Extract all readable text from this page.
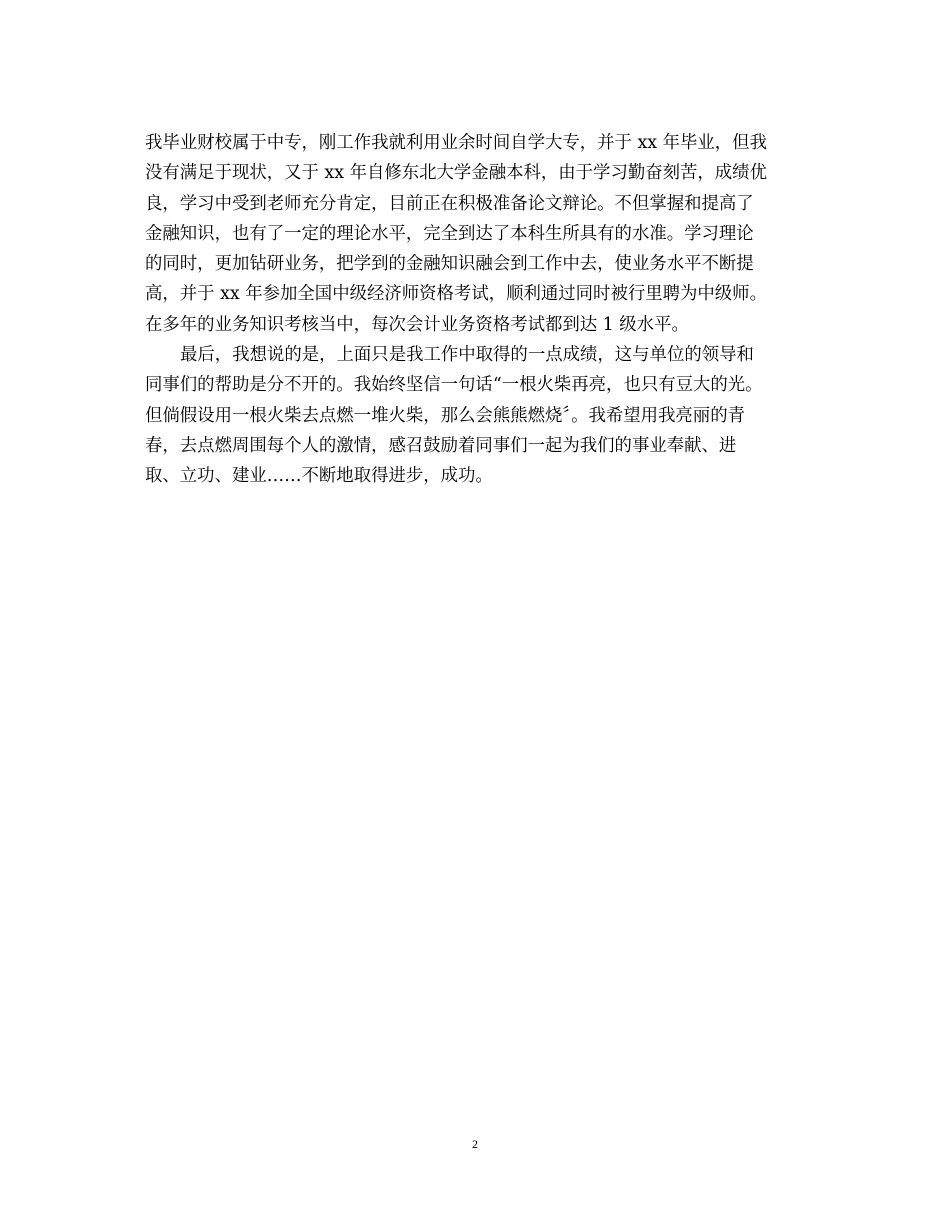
我毕业财校属于中专，刚工作我就利用业余时间自学大专，并于 xx 年毕业，但我
没有满足于现状，又于 xx 年自修东北大学金融本科，由于学习勤奋刻苦，成绩优
良，学习中受到老师充分肯定，目前正在积极准备论文辩论。不但掌握和提高了
金融知识，也有了一定的理论水平，完全到达了本科生所具有的水准。学习理论
的同时，更加钻研业务，把学到的金融知识融会到工作中去，使业务水平不断提
高，并于 xx 年参加全国中级经济师资格考试，顺利通过同时被行里聘为中级师。
在多年的业务知识考核当中，每次会计业务资格考试都到达 1 级水平。
最后，我想说的是，上面只是我工作中取得的一点成绩，这与单位的领导和
同事们的帮助是分不开的。我始终坚信一句话“一根火柴再亮，也只有豆大的光。
但倘假设用一根火柴去点燃一堆火柴，那么会熊熊燃烧〞。我希望用我亮丽的青
春，去点燃周围每个人的激情，感召鼓励着同事们一起为我们的事业奉献、进
取、立功、建业……不断地取得进步，成功。
2
